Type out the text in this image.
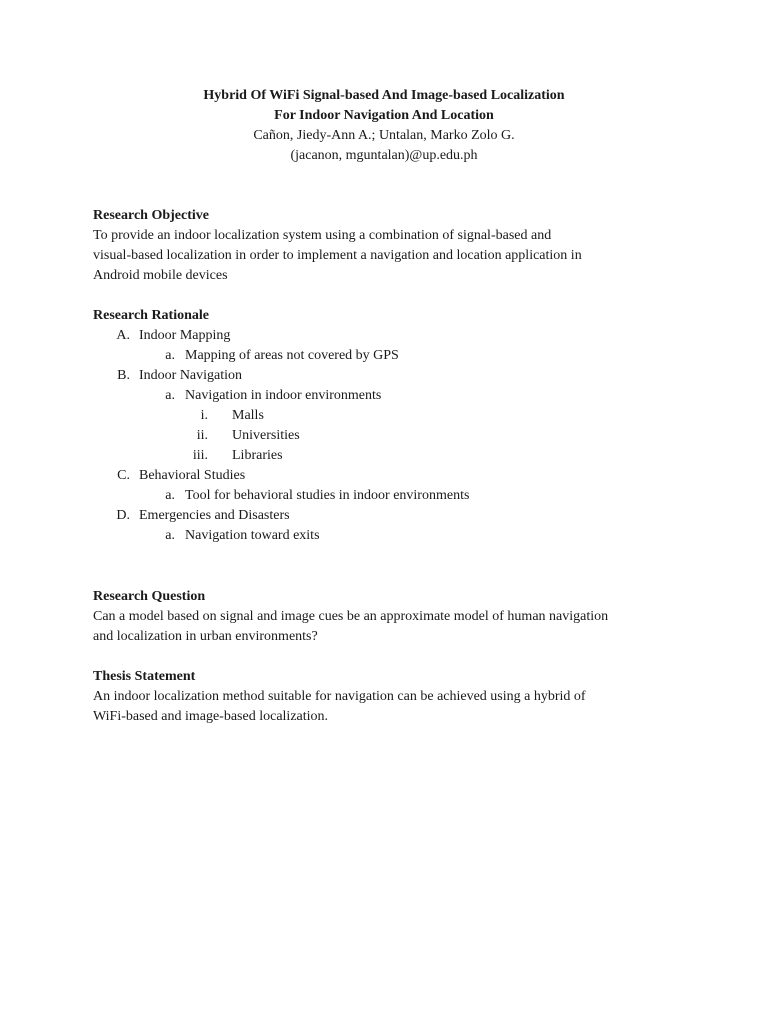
Hybrid Of WiFi Signal-based And Image-based Localization
For Indoor Navigation And Location
Cañon, Jiedy-Ann A.; Untalan, Marko Zolo G.
(jacanon, mguntalan)@up.edu.ph
Research Objective
To provide an indoor localization system using a combination of signal-based and
visual-based localization in order to implement a navigation and location application in
Android mobile devices
Research Rationale
A. Indoor Mapping
a. Mapping of areas not covered by GPS
B. Indoor Navigation
a. Navigation in indoor environments
i. Malls
ii. Universities
iii. Libraries
C. Behavioral Studies
a. Tool for behavioral studies in indoor environments
D. Emergencies and Disasters
a. Navigation toward exits
Research Question
Can a model based on signal and image cues be an approximate model of human navigation
and localization in urban environments?
Thesis Statement
An indoor localization method suitable for navigation can be achieved using a hybrid of
WiFi-based and image-based localization.
